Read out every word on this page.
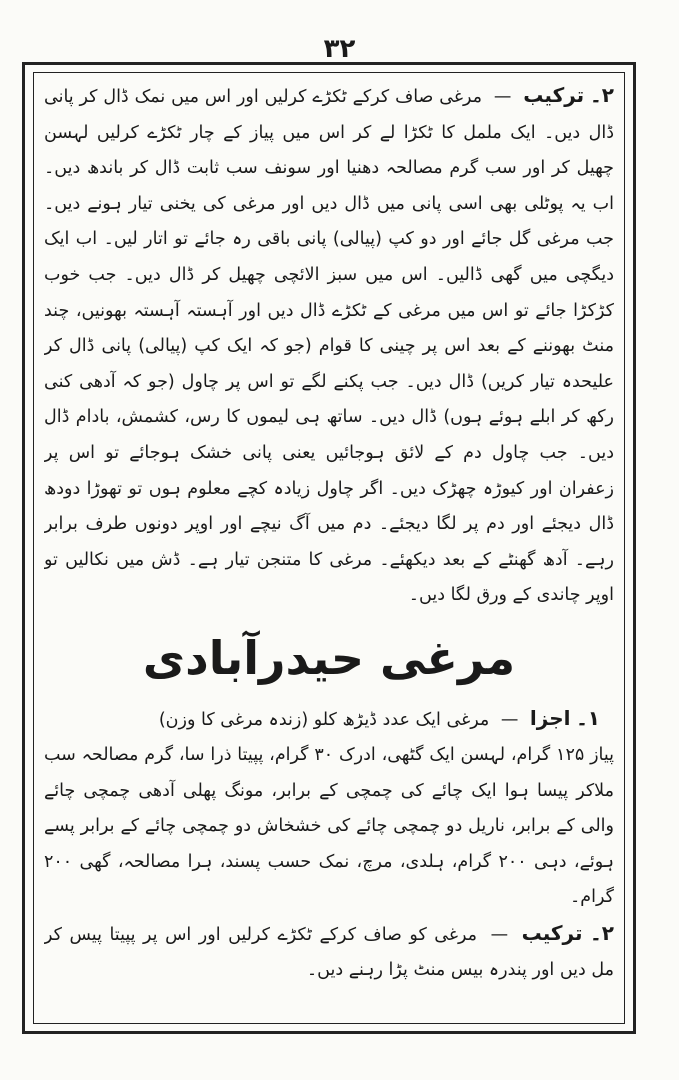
۳۲

۲۔ ترکیب — مرغی صاف کرکے ٹکڑے کرلیں اور اس میں نمک ڈال کر پانی ڈال دیں۔ ایک ململ کا ٹکڑا لے کر اس میں پیاز کے چار ٹکڑے کرلیں لہسن چھیل کر اور سب گرم مصالحہ دھنیا اور سونف سب ثابت ڈال کر باندھ دیں۔ اب یہ پوٹلی بھی اسی پانی میں ڈال دیں اور مرغی کی یخنی تیار ہونے دیں۔ جب مرغی گل جائے اور دو کپ (پیالی) پانی باقی رہ جائے تو اتار لیں۔ اب ایک دیگچی میں گھی ڈالیں۔ اس میں سبز الائچی چھیل کر ڈال دیں۔ جب خوب کڑکڑا جائے تو اس میں مرغی کے ٹکڑے ڈال دیں اور آہستہ آہستہ بھونیں، چند منٹ بھوننے کے بعد اس پر چینی کا قوام (جو کہ ایک کپ (پیالی) پانی ڈال کر علیحدہ تیار کریں) ڈال دیں۔ جب پکنے لگے تو اس پر چاول (جو کہ آدھی کنی رکھ کر ابلے ہوئے ہوں) ڈال دیں۔ ساتھ ہی لیموں کا رس، کشمش، بادام ڈال دیں۔ جب چاول دم کے لائق ہوجائیں یعنی پانی خشک ہوجائے تو اس پر زعفران اور کیوڑہ چھڑک دیں۔ اگر چاول زیادہ کچے معلوم ہوں تو تھوڑا دودھ ڈال دیجئے اور دم پر لگا دیجئے۔ دم میں آگ نیچے اور اوپر دونوں طرف برابر رہے۔ آدھ گھنٹے کے بعد دیکھئے۔ مرغی کا متنجن تیار ہے۔ ڈش میں نکالیں تو اوپر چاندی کے ورق لگا دیں۔

مرغی حیدرآبادی

۱۔ اجزا — مرغی ایک عدد ڈیڑھ کلو (زندہ مرغی کا وزن)

پیاز ۱۲۵ گرام، لہسن ایک گٹھی، ادرک ۳۰ گرام، پپیتا ذرا سا، گرم مصالحہ سب ملاکر پیسا ہوا ایک چائے کی چمچی کے برابر، مونگ پھلی آدھی چمچی چائے والی کے برابر، ناریل دو چمچی چائے کی خشخاش دو چمچی چائے کے برابر پسے ہوئے، دہی ۲۰۰ گرام، ہلدی، مرچ، نمک حسب پسند، ہرا مصالحہ، گھی ۲۰۰ گرام۔

۲۔ ترکیب — مرغی کو صاف کرکے ٹکڑے کرلیں اور اس پر پپیتا پیس کر مل دیں اور پندرہ بیس منٹ پڑا رہنے دیں۔
